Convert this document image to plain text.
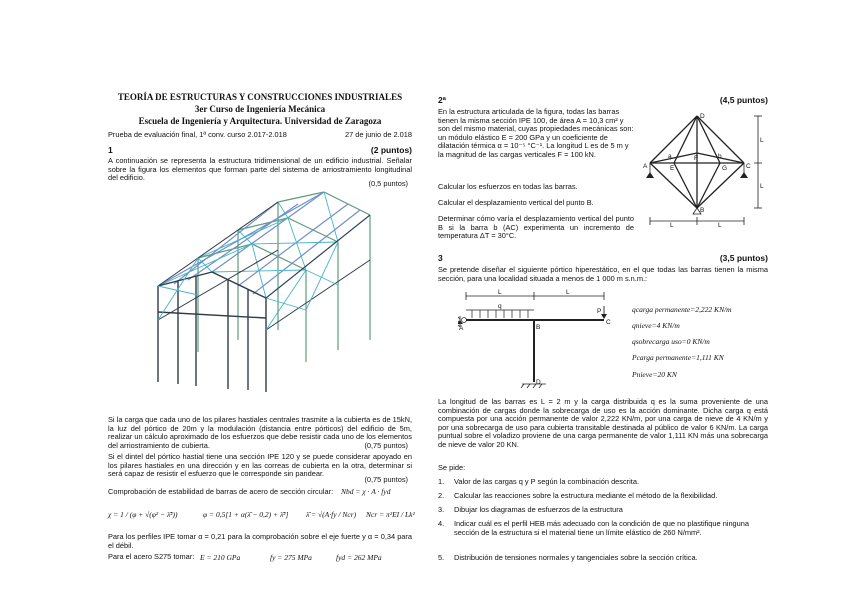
TEORÍA DE ESTRUCTURAS Y CONSTRUCCIONES INDUSTRIALES
3er Curso de Ingeniería Mecánica
Escuela de Ingeniería y Arquitectura. Universidad de Zaragoza
Prueba de evaluación final, 1ª conv. curso 2.017-2.018	27 de junio de 2.018
1	(2 puntos)
A continuación se representa la estructura tridimensional de un edificio industrial. Señalar sobre la figura los elementos que forman parte del sistema de arriostramiento longitudinal del edificio.
(0,5 puntos)
Si la carga que cada uno de los pilares hastiales centrales trasmite a la cubierta es de 15kN, la luz del pórtico de 20m y la modulación (distancia entre pórticos) del edificio de 5m, realizar un cálculo aproximado de los esfuerzos que debe resistir cada uno de los elementos del arriostramiento de cubierta.	(0,75 puntos)
Si el dintel del pórtico hastial tiene una sección IPE 120 y se puede considerar apoyado en los pilares hastiales en una dirección y en las correas de cubierta en la otra, determinar si será capaz de resistir el esfuerzo que le corresponde sin pandear.
(0,75 puntos)
Comprobación de estabilidad de barras de acero de sección circular: Nbd = χ · A · fyd
χ = 1 / (φ + √(φ² − λ̄²))	φ = 0,5[1 + α(λ̄ − 0,2) + λ̄²] λ̄ = √(A·fy / Ncr) Ncr = π²EI / Lk²
Para los perfiles IPE tomar α = 0,21 para la comprobación sobre el eje fuerte y α = 0,34 para el débil.
Para el acero S275 tomar: E = 210 GPa	fy = 275 MPa	fyd = 262 MPa
2ª	(4,5 puntos)
En la estructura articulada de la figura, todas las barras tienen la misma sección IPE 100, de área A = 10,3 cm² y son del mismo material, cuyas propiedades mecánicas son: un módulo elástico E = 200 GPa y un coeficiente de dilatación térmica α = 10⁻⁵ °C⁻¹. La longitud L es de 5 m y la magnitud de las cargas verticales F = 100 kN.
Calcular los esfuerzos en todas las barras.
Calcular el desplazamiento vertical del punto B.
Determinar cómo varía el desplazamiento vertical del punto B si la barra b (AC) experimenta un incremento de temperatura ΔT = 30°C.
D
A	C
B
E	G
F
L	L
L
L
a	b
3	(3,5 puntos)
Se pretende diseñar el siguiente pórtico hiperestático, en el que todas las barras tienen la misma sección, para una localidad situada a menos de 1 000 m s.n.m.:
L	L
q
P
A	B
C
D
qcarga permanente=2,222 KN/m
qnieve=4 KN/m
qsobrecarga uso=0 KN/m
Pcarga permanente=1,111 KN
Pnieve=20 KN
La longitud de las barras es L = 2 m y la carga distribuida q es la suma proveniente de una combinación de cargas donde la sobrecarga de uso es la acción dominante. Dicha carga q está compuesta por una acción permanente de valor 2,222 KN/m, por una carga de nieve de 4 KN/m y por una sobrecarga de uso para cubierta transitable destinada al público de valor 6 KN/m. La carga puntual sobre el voladizo proviene de una carga permanente de valor 1,111 KN más una sobrecarga de nieve de valor 20 KN.
Se pide:
1. Valor de las cargas q y P según la combinación descrita.
2. Calcular las reacciones sobre la estructura mediante el método de la flexibilidad.
3. Dibujar los diagramas de esfuerzos de la estructura
4. Indicar cuál es el perfil HEB más adecuado con la condición de que no plastifique ninguna sección de la estructura si el material tiene un límite elástico de 260 N/mm².
5. Distribución de tensiones normales y tangenciales sobre la sección crítica.
